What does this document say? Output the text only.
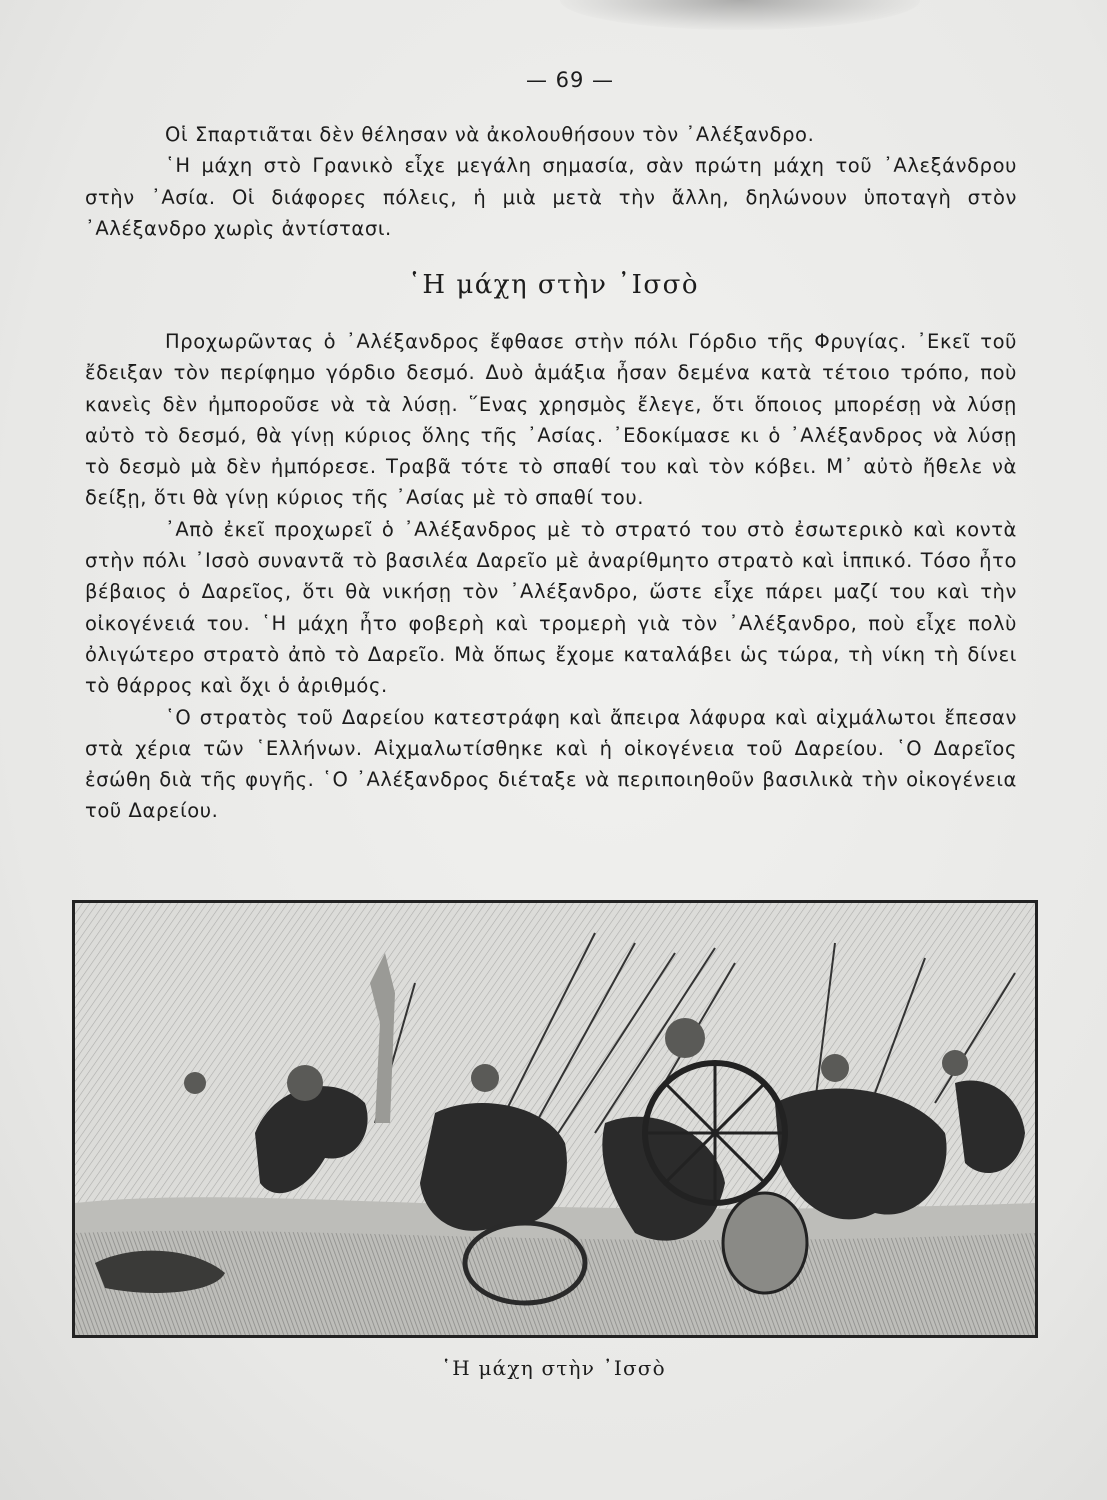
— 69 —

Οἱ Σπαρτιᾶται δὲν θέλησαν νὰ ἀκολουθήσουν τὸν ᾿Αλέξανδρο.

῾Η μάχη στὸ Γρανικὸ εἶχε μεγάλη σημασία, σὰν πρώτη μάχη τοῦ ᾿Αλεξάνδρου στὴν ᾿Ασία. Οἱ διάφορες πόλεις, ἡ μιὰ μετὰ τὴν ἄλλη, δηλώνουν ὑποταγὴ στὸν ᾿Αλέξανδρο χωρὶς ἀντίστασι.

῾Η μάχη στὴν ᾿Ισσὸ

Προχωρῶντας ὁ ᾿Αλέξανδρος ἔφθασε στὴν πόλι Γόρδιο τῆς Φρυγίας. ᾿Εκεῖ τοῦ ἔδειξαν τὸν περίφημο γόρδιο δεσμό. Δυὸ ἁμάξια ἦσαν δεμένα κατὰ τέτοιο τρόπο, ποὺ κανεὶς δὲν ἠμποροῦσε νὰ τὰ λύσῃ. ῞Ενας χρησμὸς ἔλεγε, ὅτι ὅποιος μπορέσῃ νὰ λύσῃ αὐτὸ τὸ δεσμό, θὰ γίνῃ κύριος ὅλης τῆς ᾿Ασίας. ᾿Εδοκίμασε κι ὁ ᾿Αλέξανδρος νὰ λύσῃ τὸ δεσμὸ μὰ δὲν ἠμπόρεσε. Τραβᾶ τότε τὸ σπαθί του καὶ τὸν κόβει. Μ᾿ αὐτὸ ἤθελε νὰ δείξῃ, ὅτι θὰ γίνῃ κύριος τῆς ᾿Ασίας μὲ τὸ σπαθί του.

᾿Απὸ ἐκεῖ προχωρεῖ ὁ ᾿Αλέξανδρος μὲ τὸ στρατό του στὸ ἐσωτερικὸ καὶ κοντὰ στὴν πόλι ᾿Ισσὸ συναντᾶ τὸ βασιλέα Δαρεῖο μὲ ἀναρίθμητο στρατὸ καὶ ἱππικό. Τόσο ἦτο βέβαιος ὁ Δαρεῖος, ὅτι θὰ νικήσῃ τὸν ᾿Αλέξανδρο, ὥστε εἶχε πάρει μαζί του καὶ τὴν οἰκογένειά του. ῾Η μάχη ἦτο φοβερὴ καὶ τρομερὴ γιὰ τὸν ᾿Αλέξανδρο, ποὺ εἶχε πολὺ ὀλιγώτερο στρατὸ ἀπὸ τὸ Δαρεῖο. Μὰ ὅπως ἔχομε καταλάβει ὡς τώρα, τὴ νίκη τὴ δίνει τὸ θάρρος καὶ ὄχι ὁ ἀριθμός.

῾Ο στρατὸς τοῦ Δαρείου κατεστράφη καὶ ἄπειρα λάφυρα καὶ αἰχμάλωτοι ἔπεσαν στὰ χέρια τῶν ῾Ελλήνων. Αἰχμαλωτίσθηκε καὶ ἡ οἰκογένεια τοῦ Δαρείου. ῾Ο Δαρεῖος ἐσώθη διὰ τῆς φυγῆς. ῾Ο ᾿Αλέξανδρος διέταξε νὰ περιποιηθοῦν βασιλικὰ τὴν οἰκογένεια τοῦ Δαρείου.

῾Η μάχη στὴν ᾿Ισσὸ
